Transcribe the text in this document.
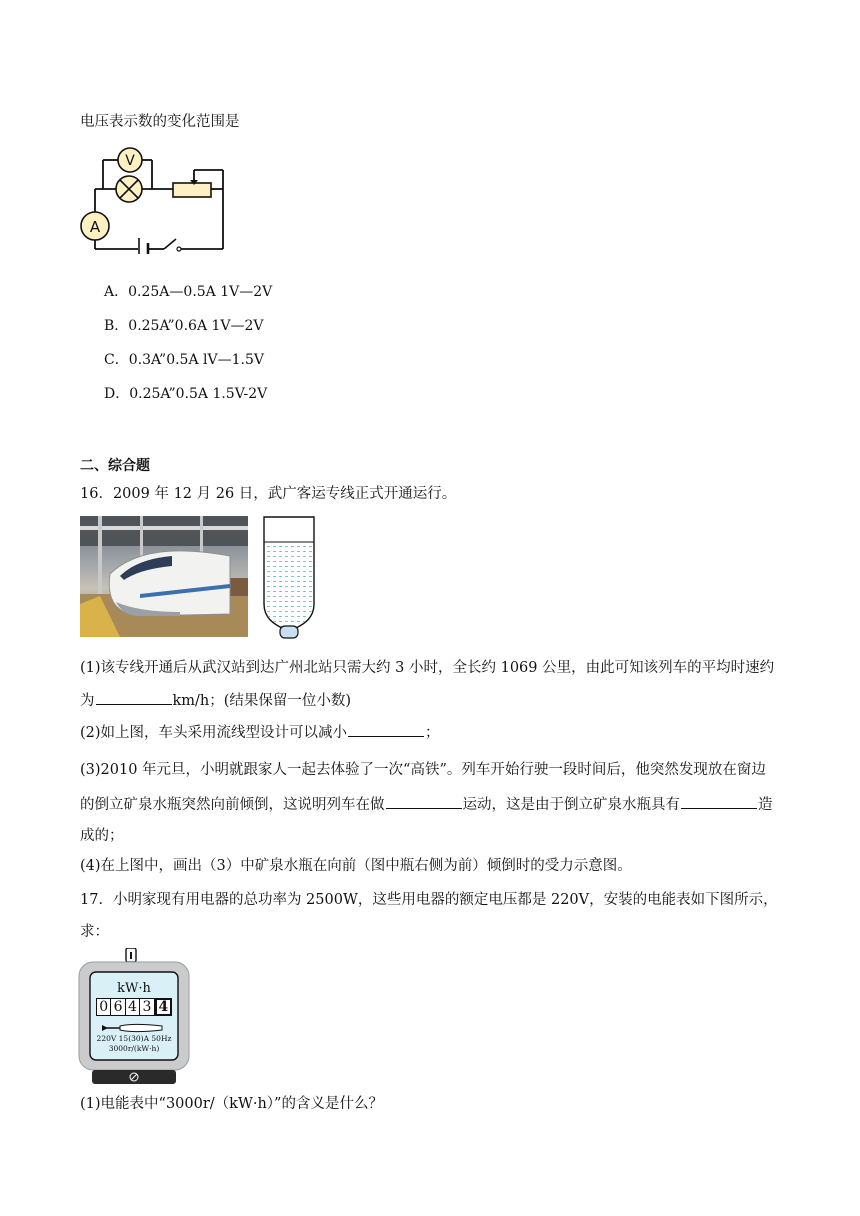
电压表示数的变化范围是
V
A
A．0.25A—0.5A 1V—2V
B．0.25A”0.6A 1V—2V
C．0.3A”0.5A lV—1.5V
D．0.25A”0.5A 1.5V-2V
二、综合题
16．2009 年 12 月 26 日，武广客运专线正式开通运行。
(1)该专线开通后从武汉站到达广州北站只需大约 3 小时，全长约 1069 公里，由此可知该列车的平均时速约
为	km/h；(结果保留一位小数)
(2)如上图，车头采用流线型设计可以减小	；
(3)2010 年元旦，小明就跟家人一起去体验了一次“高铁”。列车开始行驶一段时间后，他突然发现放在窗边
的倒立矿泉水瓶突然向前倾倒，这说明列车在做	运动，这是由于倒立矿泉水瓶具有	造
成的；
(4)在上图中，画出（3）中矿泉水瓶在向前（图中瓶右侧为前）倾倒时的受力示意图。
17．小明家现有用电器的总功率为 2500W，这些用电器的额定电压都是 220V，安装的电能表如下图所示，
求：
kW·h
0 6 4 3 4
220V 15(30)A 50Hz
3000r/(kW·h)
(1)电能表中“3000r/（kW·h）”的含义是什么？
